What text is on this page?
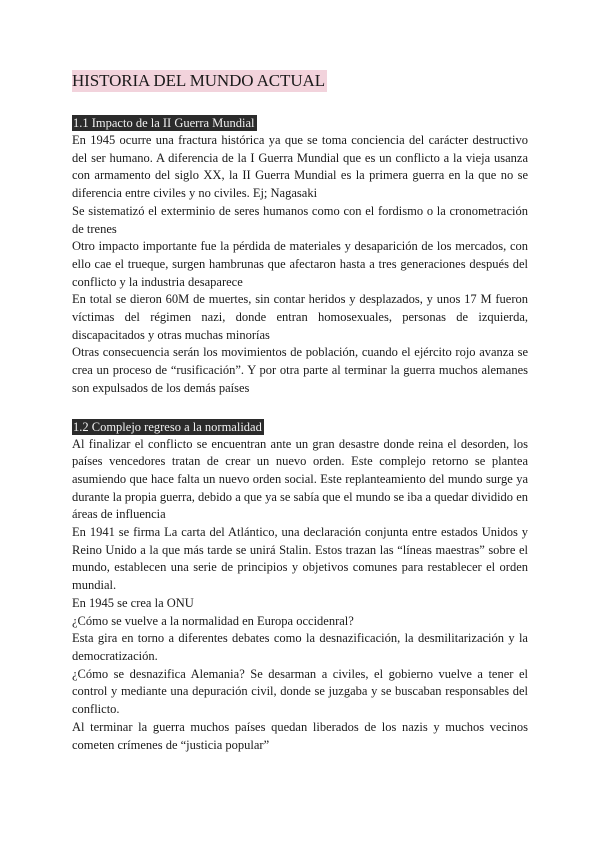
HISTORIA DEL MUNDO ACTUAL
1.1 Impacto de la II Guerra Mundial

En 1945 ocurre una fractura histórica ya que se toma conciencia del carácter destructivo del ser humano. A diferencia de la I Guerra Mundial que es un conflicto a la vieja usanza con armamento del siglo XX, la II Guerra Mundial es la primera guerra en la que no se diferencia entre civiles y no civiles. Ej; Nagasaki

Se sistematizó el exterminio de seres humanos como con el fordismo o la cronometración de trenes

Otro impacto importante fue la pérdida de materiales y desaparición de los mercados, con ello cae el trueque, surgen hambrunas que afectaron hasta a tres generaciones después del conflicto y la industria desaparece

En total se dieron 60M de muertes, sin contar heridos y desplazados, y unos 17 M fueron víctimas del régimen nazi, donde entran homosexuales, personas de izquierda, discapacitados y otras muchas minorías

Otras consecuencia serán los movimientos de población, cuando el ejército rojo avanza se crea un proceso de “rusificación”. Y por otra parte al terminar la guerra muchos alemanes son expulsados de los demás países

1.2 Complejo regreso a la normalidad

Al finalizar el conflicto se encuentran ante un gran desastre donde reina el desorden, los países vencedores tratan de crear un nuevo orden. Este complejo retorno se plantea asumiendo que hace falta un nuevo orden social. Este replanteamiento del mundo surge ya durante la propia guerra, debido a que ya se sabía que el mundo se iba a quedar dividido en áreas de influencia

En 1941 se firma La carta del Atlántico, una declaración conjunta entre estados Unidos y Reino Unido a la que más tarde se unirá Stalin. Estos trazan las “líneas maestras” sobre el mundo, establecen una serie de principios y objetivos comunes para restablecer el orden mundial.

En 1945 se crea la ONU

¿Cómo se vuelve a la normalidad en Europa occidenral?

Esta gira en torno a diferentes debates como la desnazificación, la desmilitarización y la democratización.

¿Cómo se desnazifica Alemania? Se desarman a civiles, el gobierno vuelve a tener el control y mediante una depuración civil, donde se juzgaba y se buscaban responsables del conflicto.

Al terminar la guerra muchos países quedan liberados de los nazis y muchos vecinos cometen crímenes de “justicia popular”
